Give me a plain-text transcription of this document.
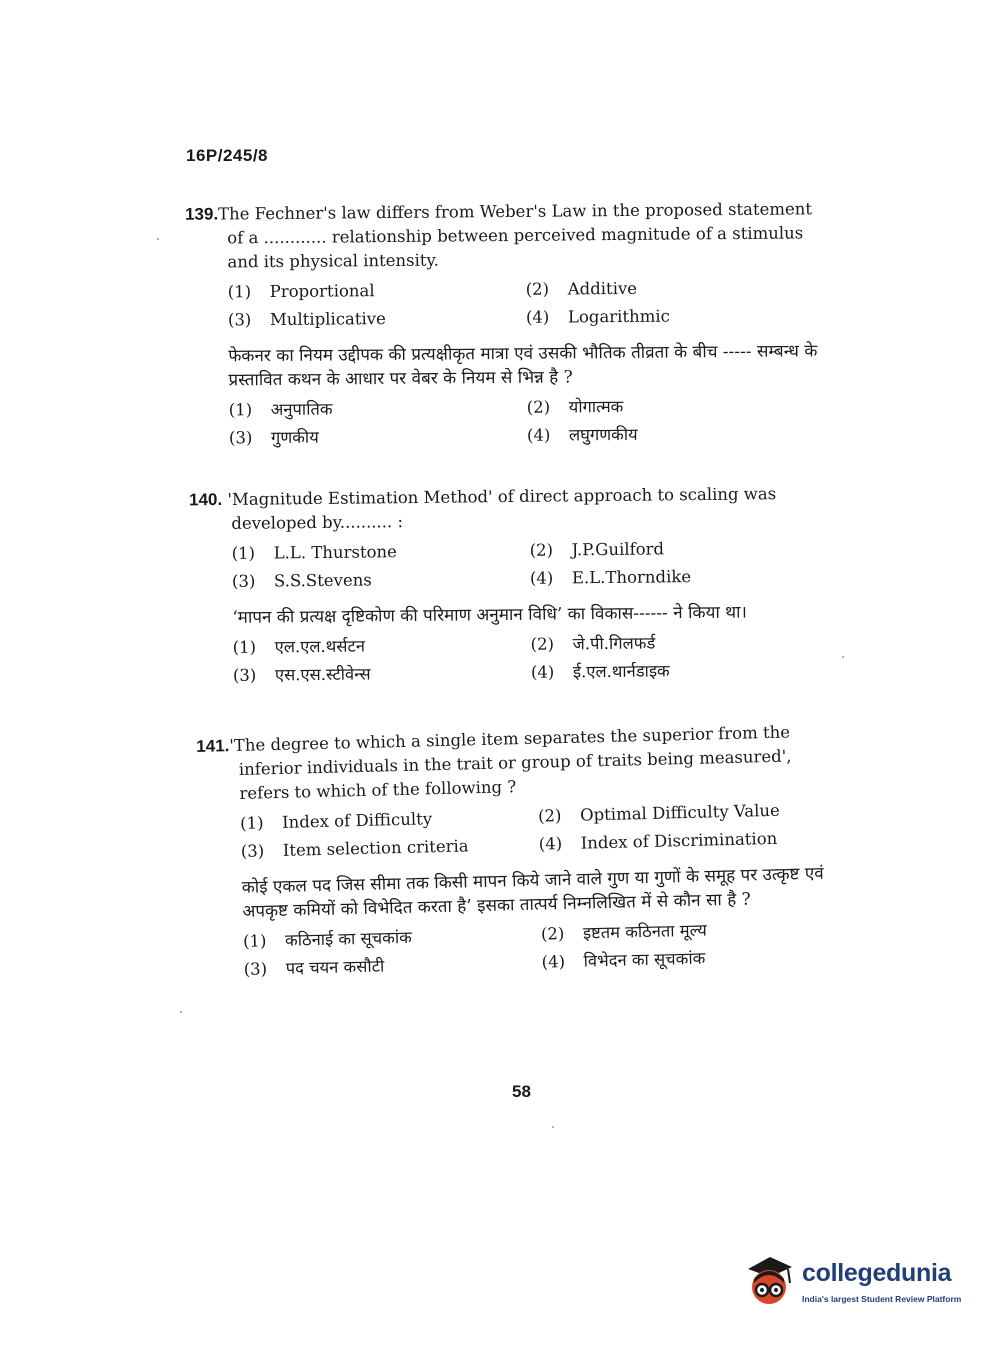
16P/245/8

139.The Fechner's law differs from Weber's Law in the proposed statement of a ............ relationship between perceived magnitude of a stimulus and its physical intensity.

(1)	Proportional	(2)	Additive
(3)	Multiplicative	(4)	Logarithmic

फेकनर का नियम उद्दीपक की प्रत्यक्षीकृत मात्रा एवं उसकी भौतिक तीव्रता के बीच ----- सम्बन्ध के प्रस्तावित कथन के आधार पर वेबर के नियम से भिन्न है ?

(1)	अनुपातिक	(2)	योगात्मक
(3)	गुणकीय	(4)	लघुगणकीय

140. 'Magnitude Estimation Method' of direct approach to scaling was developed by.......... :

(1)	L.L. Thurstone	(2)	J.P.Guilford
(3)	S.S.Stevens	(4)	E.L.Thorndike

‘मापन की प्रत्यक्ष दृष्टिकोण की परिमाण अनुमान विधि’ का विकास------ ने किया था।

(1)	एल.एल.थर्सटन	(2)	जे.पी.गिलफर्ड
(3)	एस.एस.स्टीवेन्स	(4)	ई.एल.थार्नडाइक

141.'The degree to which a single item separates the superior from the inferior individuals in the trait or group of traits being measured', refers to which of the following ?

(1)	Index of Difficulty	(2)	Optimal Difficulty Value
(3)	Item selection criteria	(4)	Index of Discrimination

कोई एकल पद जिस सीमा तक किसी मापन किये जाने वाले गुण या गुणों के समूह पर उत्कृष्ट एवं अपकृष्ट कमियों को विभेदित करता है’ इसका तात्पर्य निम्नलिखित में से कौन सा है ?

(1)	कठिनाई का सूचकांक	(2)	इष्टतम कठिनता मूल्य
(3)	पद चयन कसौटी	(4)	विभेदन का सूचकांक
58
collegedunia
India's largest Student Review Platform
